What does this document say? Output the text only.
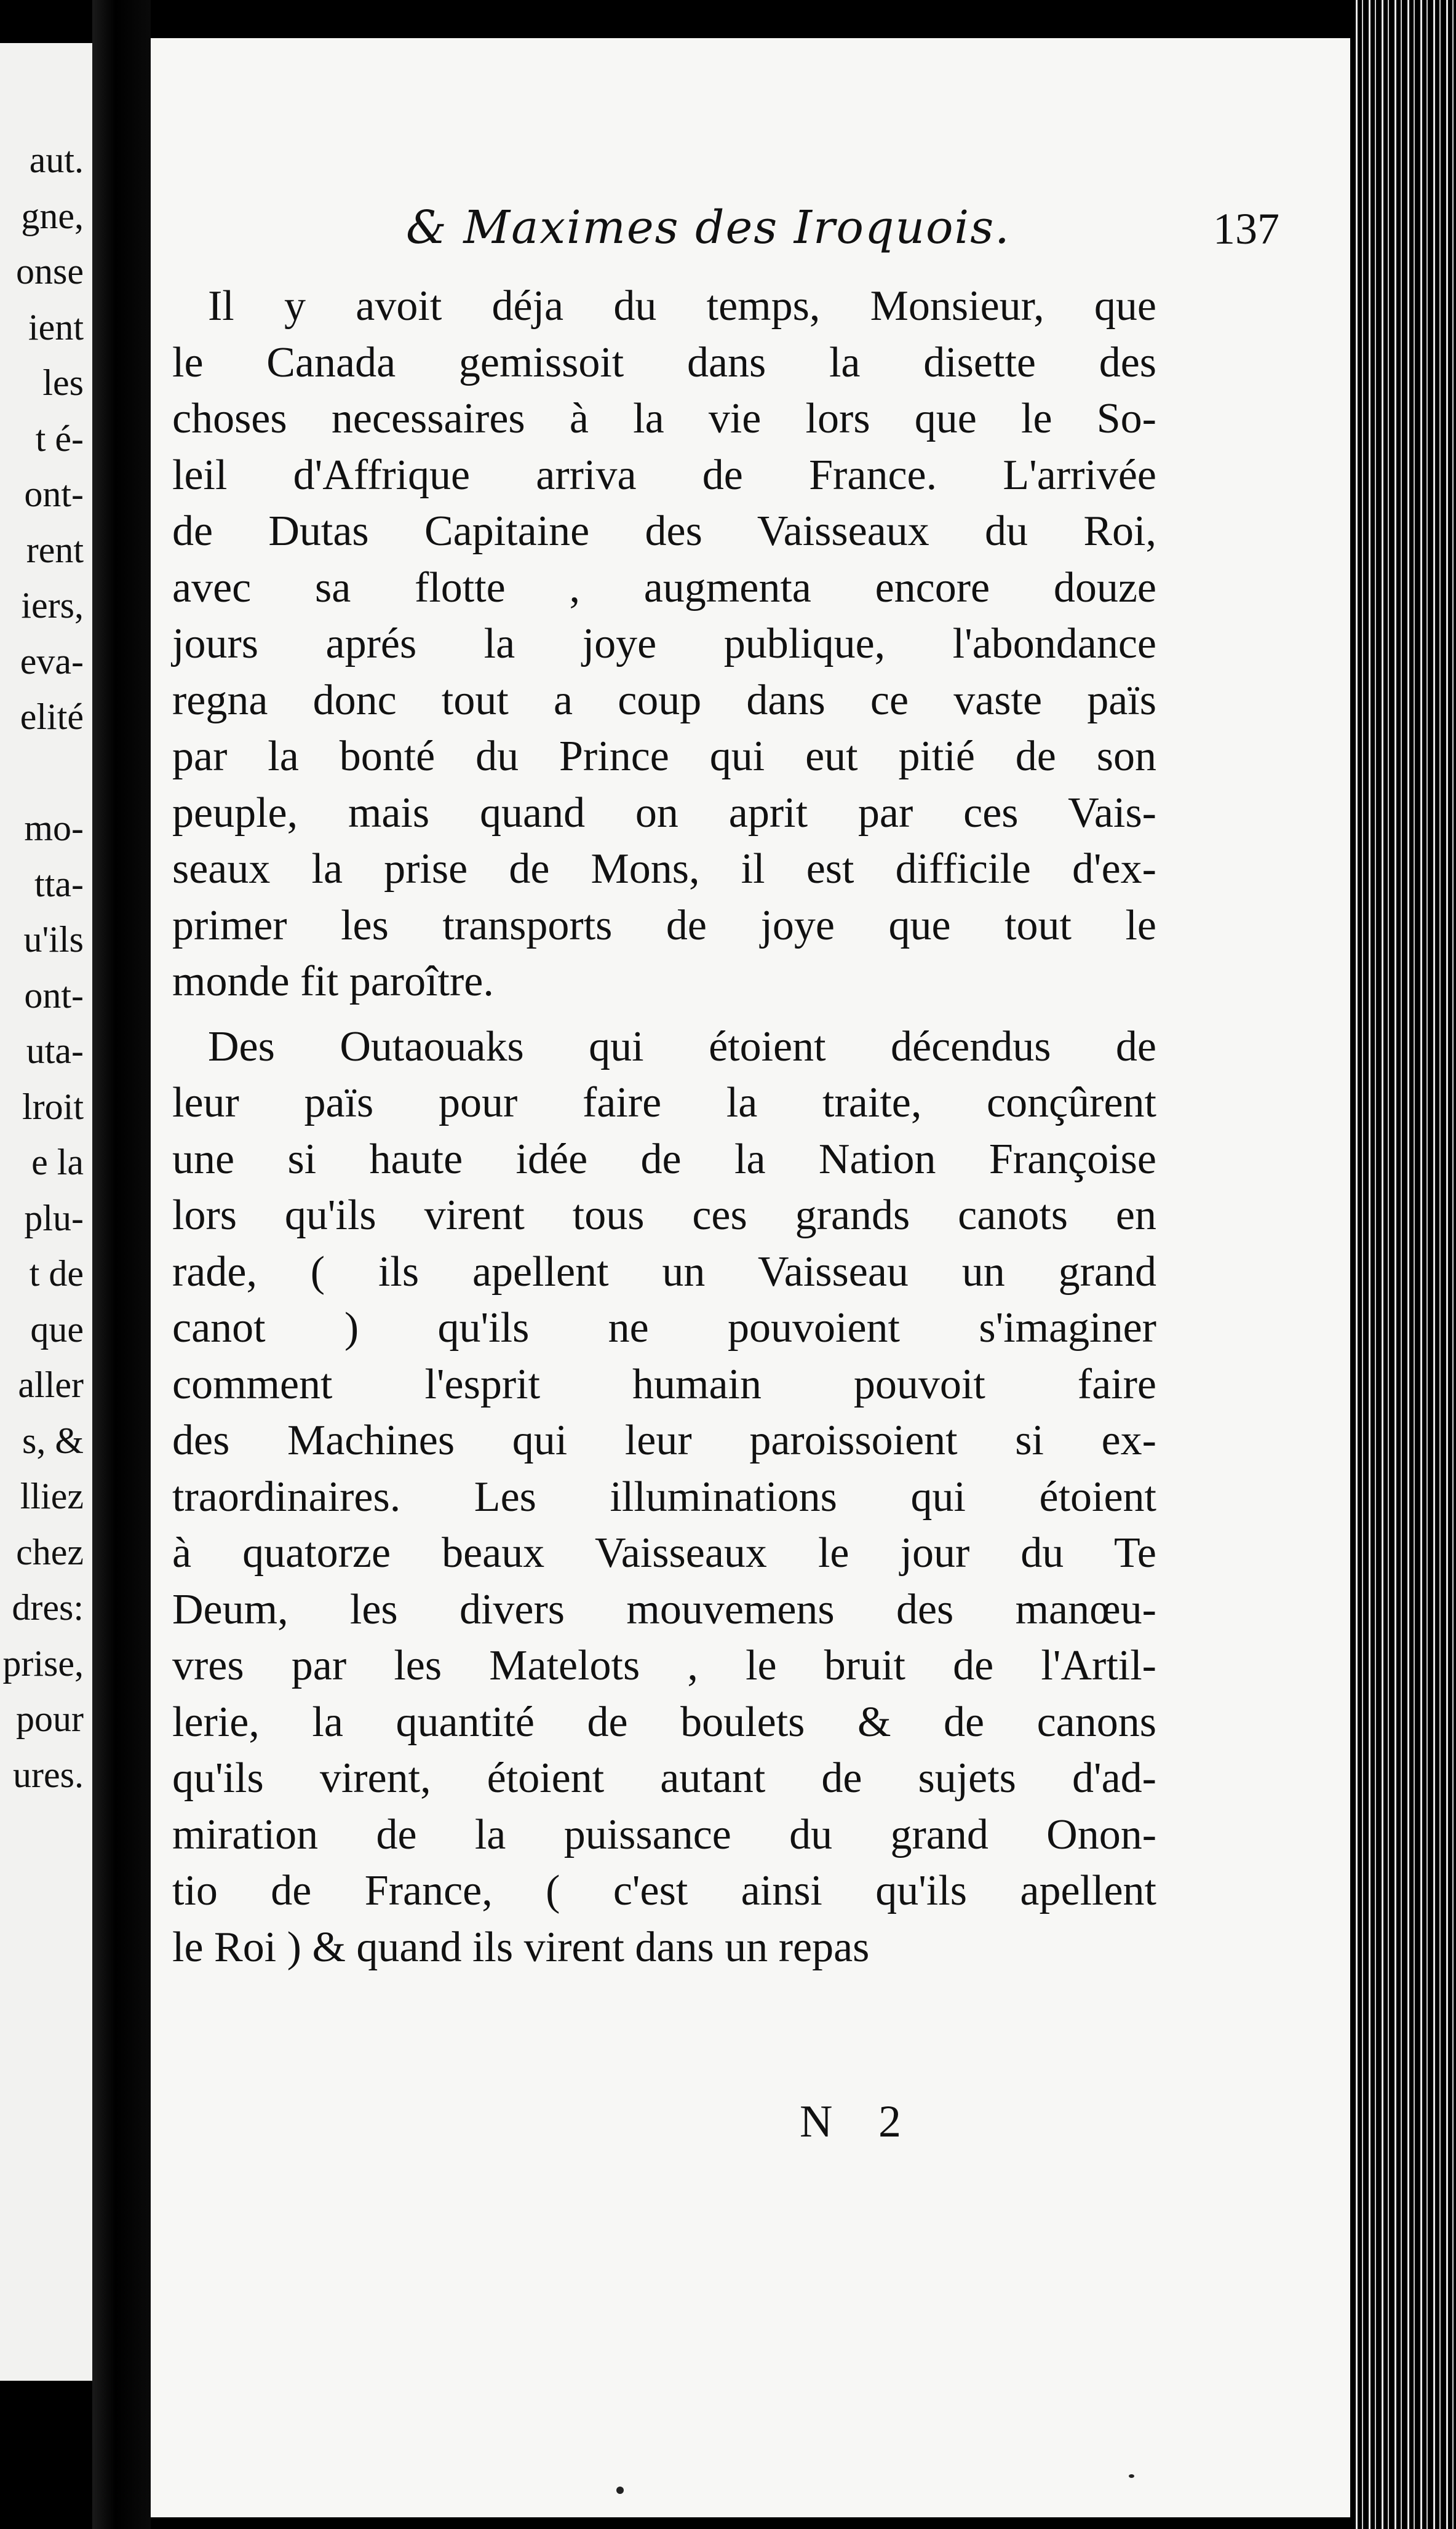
aut.
gne,
onse
ient
les
t é-
ont-
rent
iers,
eva-
elité
mo-
tta-
u'ils
ont-
uta-
lroit
e la
plu-
t de
que
aller
s, &
lliez
chez
dres:
prise,
pour
ures.
& Maximes des Iroquois.	137
Il y avoit déja du temps, Monsieur, que
le Canada gemissoit dans la disette des
choses necessaires à la vie lors que le So-
leil d'Affrique arriva de France. L'arrivée
de Dutas Capitaine des Vaisseaux du Roi,
avec sa flotte , augmenta encore douze
jours aprés la joye publique, l'abondance
regna donc tout a coup dans ce vaste païs
par la bonté du Prince qui eut pitié de son
peuple, mais quand on aprit par ces Vais-
seaux la prise de Mons, il est difficile d'ex-
primer les transports de joye que tout le
monde fit paroître.
Des Outaouaks qui étoient décendus de
leur païs pour faire la traite, conçûrent
une si haute idée de la Nation Françoise
lors qu'ils virent tous ces grands canots en
rade, ( ils apellent un Vaisseau un grand
canot ) qu'ils ne pouvoient s'imaginer
comment l'esprit humain pouvoit faire
des Machines qui leur paroissoient si ex-
traordinaires. Les illuminations qui étoient
à quatorze beaux Vaisseaux le jour du Te
Deum, les divers mouvemens des manœu-
vres par les Matelots , le bruit de l'Artil-
lerie, la quantité de boulets & de canons
qu'ils virent, étoient autant de sujets d'ad-
miration de la puissance du grand Onon-
tio de France, ( c'est ainsi qu'ils apellent
le Roi ) & quand ils virent dans un repas
N 2
